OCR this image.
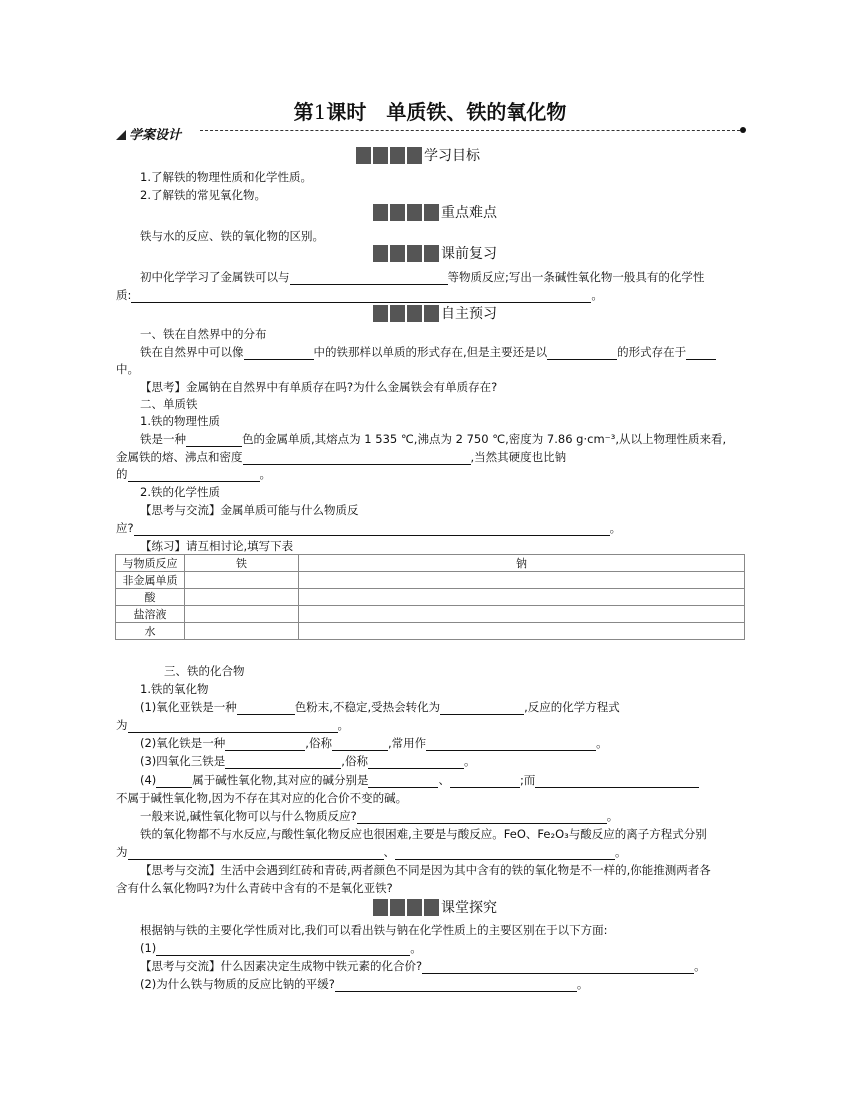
第1课时　单质铁、铁的氧化物
学案设计
学习目标
1.了解铁的物理性质和化学性质。
2.了解铁的常见氧化物。
重点难点
铁与水的反应、铁的氧化物的区别。
课前复习
初中化学学习了金属铁可以与	等物质反应;写出一条碱性氧化物一般具有的化学性
质:	。
自主预习
一、铁在自然界中的分布
铁在自然界中可以像	中的铁那样以单质的形式存在,但是主要还是以	的形式存在于
中。
【思考】金属钠在自然界中有单质存在吗?为什么金属铁会有单质存在?
二、单质铁
1.铁的物理性质
铁是一种	色的金属单质,其熔点为 1 535 ℃,沸点为 2 750 ℃,密度为 7.86 g·cm⁻³,从以上物理性质来看,
金属铁的熔、沸点和密度	,当然其硬度也比钠
的	。
2.铁的化学性质
【思考与交流】金属单质可能与什么物质反
应?	。
【练习】请互相讨论,填写下表
与物质反应	铁	钠
非金属单质		
酸		
盐溶液		
水		
三、铁的化合物
1.铁的氧化物
(1)氧化亚铁是一种	色粉末,不稳定,受热会转化为	,反应的化学方程式
为	。
(2)氧化铁是一种	,俗称	,常用作	。
(3)四氧化三铁是	,俗称	。
(4)	属于碱性氧化物,其对应的碱分别是	、	;而
不属于碱性氧化物,因为不存在其对应的化合价不变的碱。
一般来说,碱性氧化物可以与什么物质反应?	。
铁的氧化物都不与水反应,与酸性氧化物反应也很困难,主要是与酸反应。FeO、Fe₂O₃与酸反应的离子方程式分别
为	、	。
【思考与交流】生活中会遇到红砖和青砖,两者颜色不同是因为其中含有的铁的氧化物是不一样的,你能推测两者各
含有什么氧化物吗?为什么青砖中含有的不是氧化亚铁?
课堂探究
根据钠与铁的主要化学性质对比,我们可以看出铁与钠在化学性质上的主要区别在于以下方面:
(1)	。
【思考与交流】什么因素决定生成物中铁元素的化合价?	。
(2)为什么铁与物质的反应比钠的平缓?	。
